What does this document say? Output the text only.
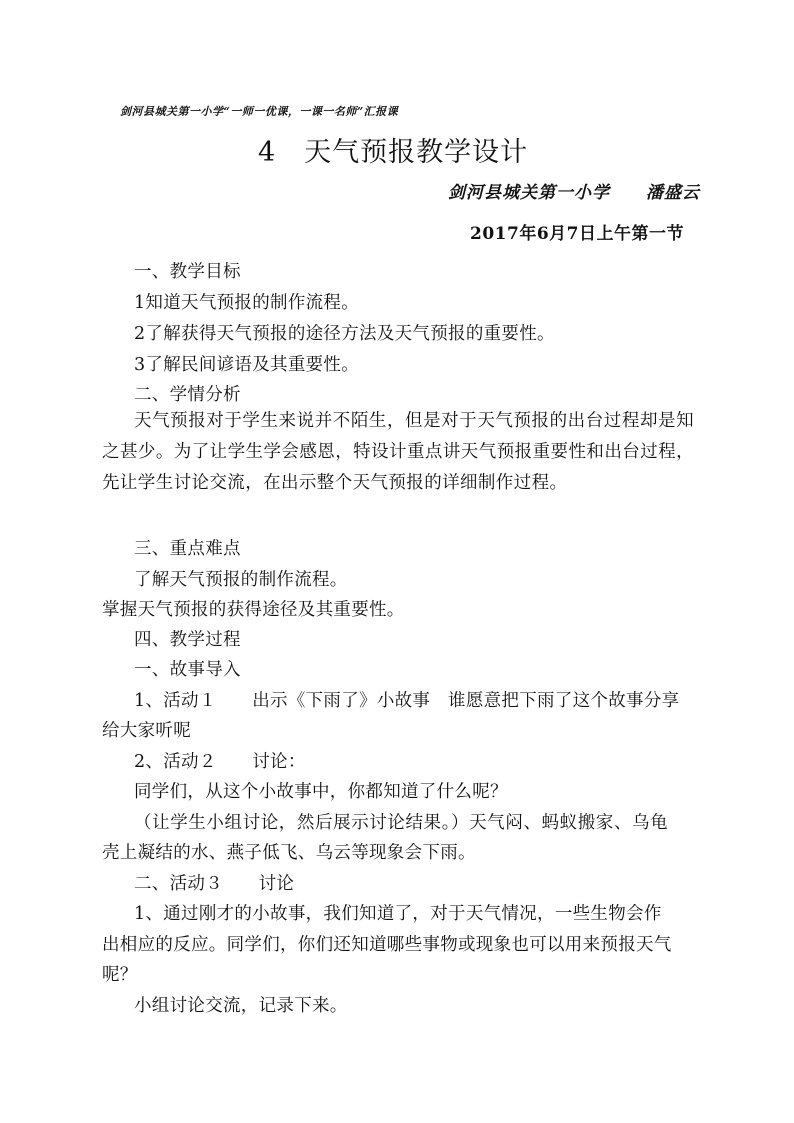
剑河县城关第一小学“一师一优课，一课一名师”汇报课
4　天气预报教学设计
剑河县城关第一小学　　潘盛云
2017年6月7日上午第一节
一、教学目标
1知道天气预报的制作流程。
2了解获得天气预报的途径方法及天气预报的重要性。
3了解民间谚语及其重要性。
二、学情分析
天气预报对于学生来说并不陌生，但是对于天气预报的出台过程却是知之甚少。为了让学生学会感恩，特设计重点讲天气预报重要性和出台过程，先让学生讨论交流，在出示整个天气预报的详细制作过程。
三、重点难点
了解天气预报的制作流程。
掌握天气预报的获得途径及其重要性。
四、教学过程
一、故事导入
1、活动１　　出示《下雨了》小故事　谁愿意把下雨了这个故事分享
给大家听呢
2、活动２　　讨论：
同学们，从这个小故事中，你都知道了什么呢？
（让学生小组讨论，然后展示讨论结果。）天气闷、蚂蚁搬家、乌龟
壳上凝结的水、燕子低飞、乌云等现象会下雨。
二、活动３　　讨论
1、通过刚才的小故事，我们知道了，对于天气情况，一些生物会作
出相应的反应。同学们，你们还知道哪些事物或现象也可以用来预报天气
呢？
小组讨论交流，记录下来。
